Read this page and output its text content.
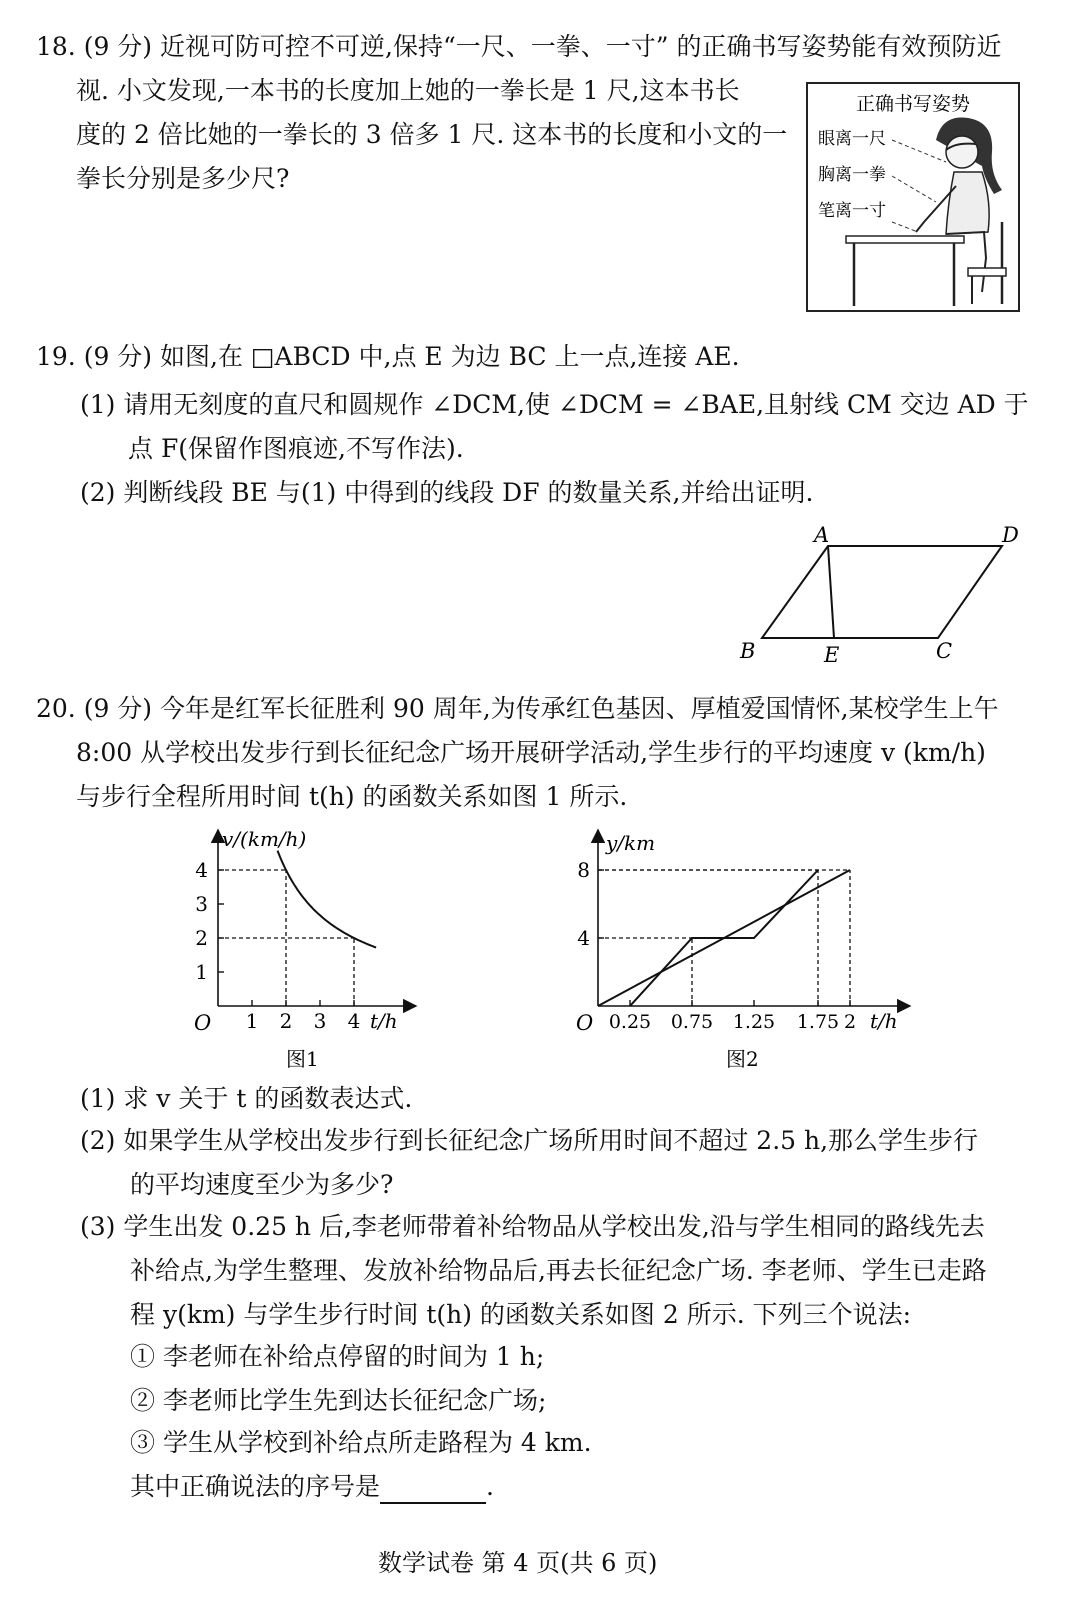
18. (9 分) 近视可防可控不可逆,保持“一尺、一拳、一寸” 的正确书写姿势能有效预防近
视. 小文发现,一本书的长度加上她的一拳长是 1 尺,这本书长
度的 2 倍比她的一拳长的 3 倍多 1 尺. 这本书的长度和小文的一
拳长分别是多少尺?
正确书写姿势
眼离一尺
胸离一拳
笔离一寸
19. (9 分) 如图,在 □ABCD 中,点 E 为边 BC 上一点,连接 AE.
(1) 请用无刻度的直尺和圆规作 ∠DCM,使 ∠DCM = ∠BAE,且射线 CM 交边 AD 于
点 F(保留作图痕迹,不写作法).
(2) 判断线段 BE 与(1) 中得到的线段 DF 的数量关系,并给出证明.
A	D
B	E	C
20. (9 分) 今年是红军长征胜利 90 周年,为传承红色基因、厚植爱国情怀,某校学生上午
8:00 从学校出发步行到长征纪念广场开展研学活动,学生步行的平均速度 v (km/h)
与步行全程所用时间 t(h) 的函数关系如图 1 所示.
1 2 3 4
1
2
3
4
O
v/(km/h)
t/h
图1
0.25 0.75 1.25 1.75 2
4
8
O
y/km
t/h
图2
(1) 求 v 关于 t 的函数表达式.
(2) 如果学生从学校出发步行到长征纪念广场所用时间不超过 2.5 h,那么学生步行
的平均速度至少为多少?
(3) 学生出发 0.25 h 后,李老师带着补给物品从学校出发,沿与学生相同的路线先去
补给点,为学生整理、发放补给物品后,再去长征纪念广场. 李老师、学生已走路
程 y(km) 与学生步行时间 t(h) 的函数关系如图 2 所示. 下列三个说法:
① 李老师在补给点停留的时间为 1 h;
② 李老师比学生先到达长征纪念广场;
③ 学生从学校到补给点所走路程为 4 km.
其中正确说法的序号是	.
数学试卷 第 4 页(共 6 页)
